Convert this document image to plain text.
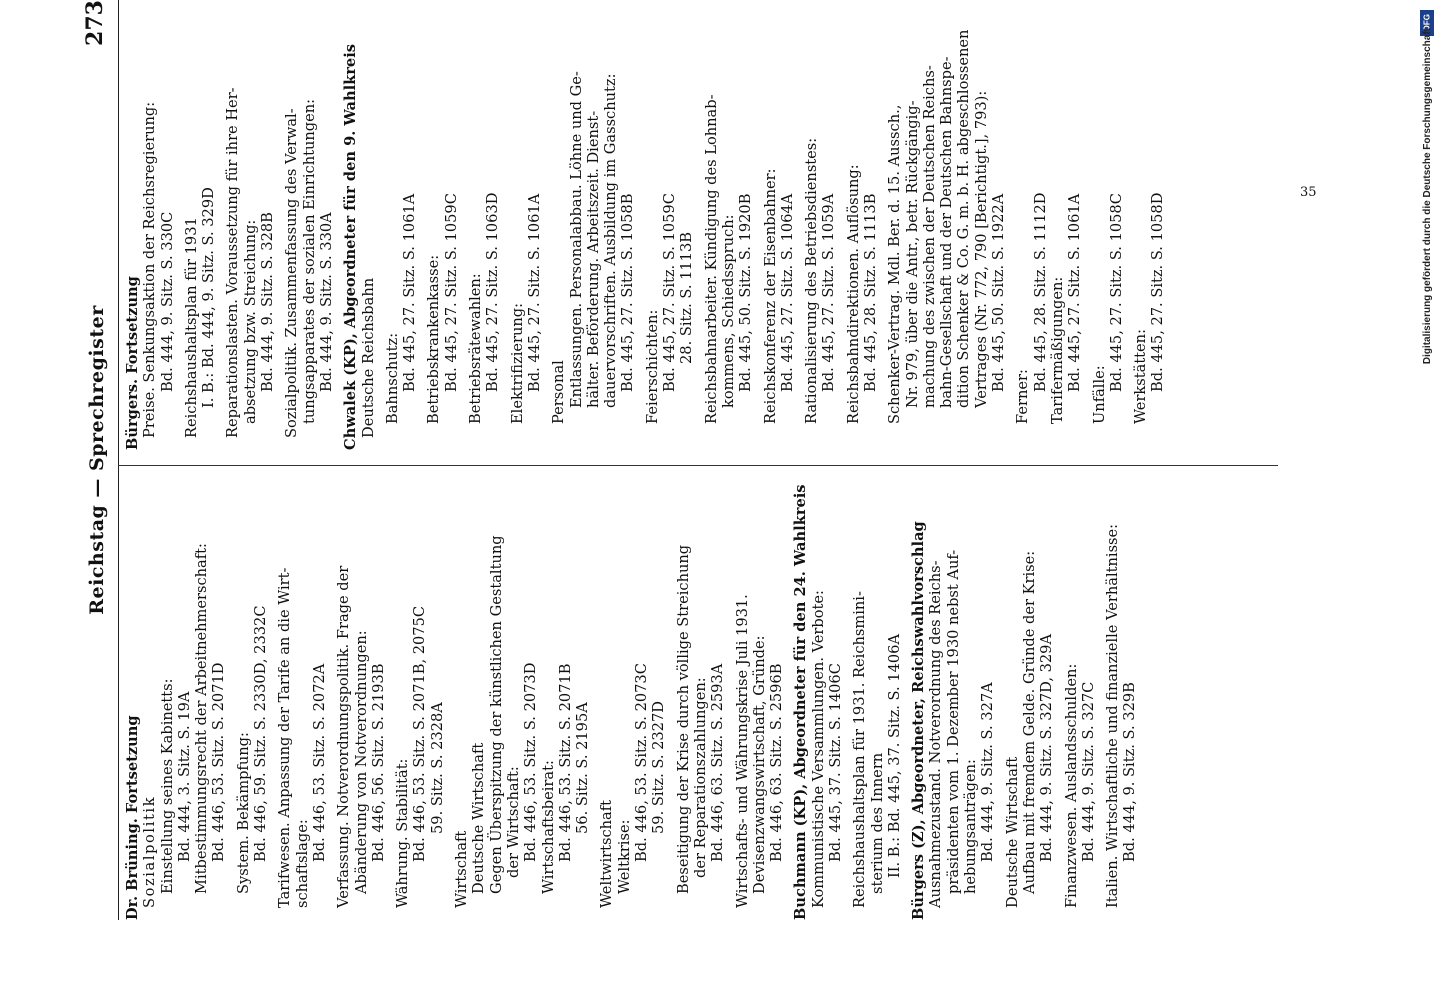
Reichstag — Sprechregister
273
Dr. Brüning. Fortsetzung Sozialpolitik Einstellung seines Kabinetts: Bd. 444, 3. Sitz. S. 19A Mitbestimmungsrecht der Arbeitnehmerschaft: Bd. 446, 53. Sitz. S. 2071D System. Bekämpfung: Bd. 446, 59. Sitz. S. 2330D, 2332C Tarifwesen. Anpassung der Tarife an die Wirt- schaftslage:
Bd. 446, 53. Sitz. S. 2072A Verfassung. Notverordnungspolitik. Frage der Abänderung von Notverordnungen: Bd. 446, 56. Sitz. S. 2193B Währung. Stabilität: Bd. 446, 53. Sitz. S. 2071B, 2075C 59. Sitz. S. 2328A
Wirtschaft Deutsche Wirtschaft Gegen Überspitzung der künstlichen Gestaltung der Wirtschaft: Bd. 446, 53. Sitz. S. 2073D Wirtschaftsbeirat: Bd. 446, 53. Sitz. S. 2071B 56. Sitz. S. 2195A
Weltwirtschaft Weltkrise: Bd. 446, 53. Sitz. S. 2073C 59. Sitz. S. 2327D Beseitigung der Krise durch völlige Streichung der Reparationszahlungen: Bd. 446, 63. Sitz. S. 2593A Wirtschafts- und Währungskrise Juli 1931. Devisenzwangswirtschaft, Gründe: Bd. 446, 63. Sitz. S. 2596B Buchmann (KP), Abgeordneter für den 24. Wahlkreis Kommunistische Versammlungen. Verbote: Bd. 445, 37. Sitz. S. 1406C Reichshaushaltsplan für 1931. Reichsmini- sterium des Innern II. B.: Bd. 445, 37. Sitz. S. 1406A Bürgers (Z), Abgeordneter, Reichswahlvorschlag Ausnahmezustand. Notverordnung des Reichs- präsidenten vom 1. Dezember 1930 nebst Auf- hebungsanträgen: Bd. 444, 9. Sitz. S. 327A Deutsche Wirtschaft Aufbau mit fremdem Gelde. Gründe der Krise: Bd. 444, 9. Sitz. S. 327D, 329A Finanzwesen. Auslandsschulden: Bd. 444, 9. Sitz. S. 327C Italien. Wirtschaftliche und finanzielle Verhältnisse: Bd. 444, 9. Sitz. S. 329B
Bürgers. Fortsetzung Preise. Senkungsaktion der Reichsregierung: Bd. 444, 9. Sitz. S. 330C Reichshaushaltsplan für 1931 I. B.: Bd. 444, 9. Sitz. S. 329D Reparationslasten. Voraussetzung für ihre Her- absetzung bzw. Streichung: Bd. 444, 9. Sitz. S. 328B Sozialpolitik. Zusammenfassung des Verwal- tungsapparates der sozialen Einrichtungen: Bd. 444, 9. Sitz. S. 330A Chwalek (KP), Abgeordneter für den 9. Wahlkreis Deutsche Reichsbahn Bahnschutz: Bd. 445, 27. Sitz. S. 1061A Betriebskrankenkasse: Bd. 445, 27. Sitz. S. 1059C Betriebsrätewahlen: Bd. 445, 27. Sitz. S. 1063D Elektrifizierung: Bd. 445, 27. Sitz. S. 1061A
Personal Entlassungen. Personalabbau. Löhne und Ge- hälter. Beförderung. Arbeitszeit. Dienst- dauervorschriften. Ausbildung im Gasschutz: Bd. 445, 27. Sitz. S. 1058B Feierschichten: Bd. 445, 27. Sitz. S. 1059C 28. Sitz. S. 1113B Reichsbahnarbeiter. Kündigung des Lohnab- kommens, Schiedsspruch: Bd. 445, 50. Sitz. S. 1920B Reichskonferenz der Eisenbahner: Bd. 445, 27. Sitz. S. 1064A Rationalisierung des Betriebsdienstes: Bd. 445, 27. Sitz. S. 1059A Reichsbahndirektionen. Auflösung: Bd. 445, 28. Sitz. S. 1113B Schenker-Vertrag. Mdl. Ber. d. 15. Aussch., Nr. 979, über die Antr., betr. Rückgängig- machung des zwischen der Deutschen Reichs- bahn-Gesellschaft und der Deutschen Bahnspe- dition Schenker & Co. G. m. b. H. abgeschlossenen Vertrages (Nr. 772, 790 [Berichtigt.], 793): Bd. 445, 50. Sitz. S. 1922A
Ferner:
Bd. 445, 28. Sitz. S. 1112D Tarifermäßigungen: Bd. 445, 27. Sitz. S. 1061A
Unfälle:
Bd. 445, 27. Sitz. S. 1058C Werkstätten: Bd. 445, 27. Sitz. S. 1058D
35
DFG
Digitalisierung gefördert durch die Deutsche Forschungsgemeinschaft
